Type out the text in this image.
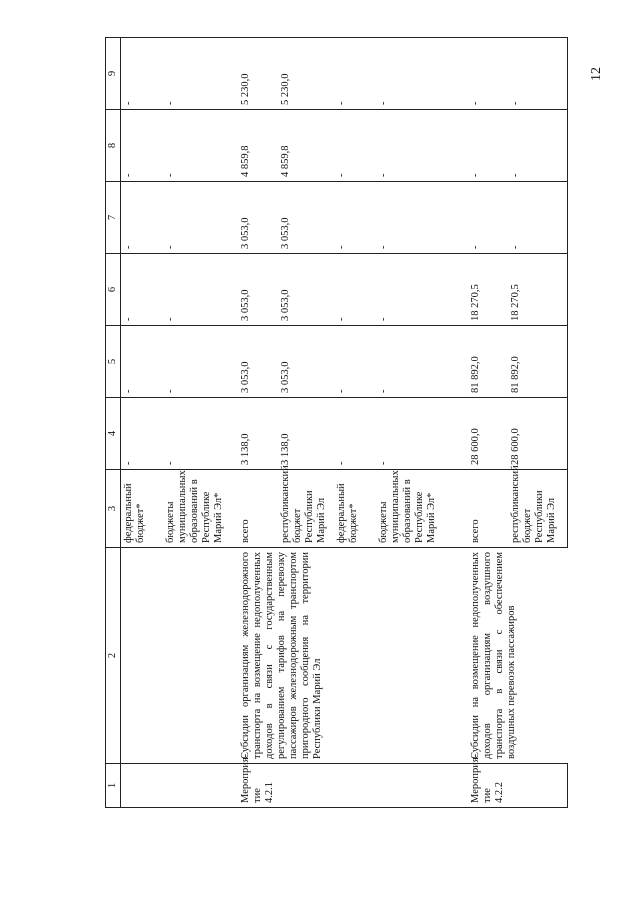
12
1	2	3	4	5	6	7	8	9
		федеральный бюджет*	-	-	-	-	-	-
		бюджеты муниципальных образований в Республике Марий Эл*	-	-	-	-	-	-
Мероприя-тие 4.2.1	Субсидии организациям железнодорожного транспорта на возмещение недополученных доходов в связи с государственным регулированием тарифов на перевозку пассажиров железнодорожным транспортом пригородного сообщения на территории Республики Марий Эл	всего	3 138,0	3 053,0	3 053,0	3 053,0	4 859,8	5 230,0
		республиканский бюджет Республики Марий Эл	3 138,0	3 053,0	3 053,0	3 053,0	4 859,8	5 230,0
		федеральный бюджет*	-	-	-	-	-	-
		бюджеты муниципальных образований в Республике Марий Эл*	-	-	-	-	-	-
Мероприя-тие 4.2.2	Субсидии на возмещение недополученных доходов организациям воздушного транспорта в связи с обеспечением воздушных перевозок пассажиров	всего	28 600,0	81 892,0	18 270,5	-	-	-
		республиканский бюджет Республики Марий Эл	28 600,0	81 892,0	18 270,5	-	-	-
